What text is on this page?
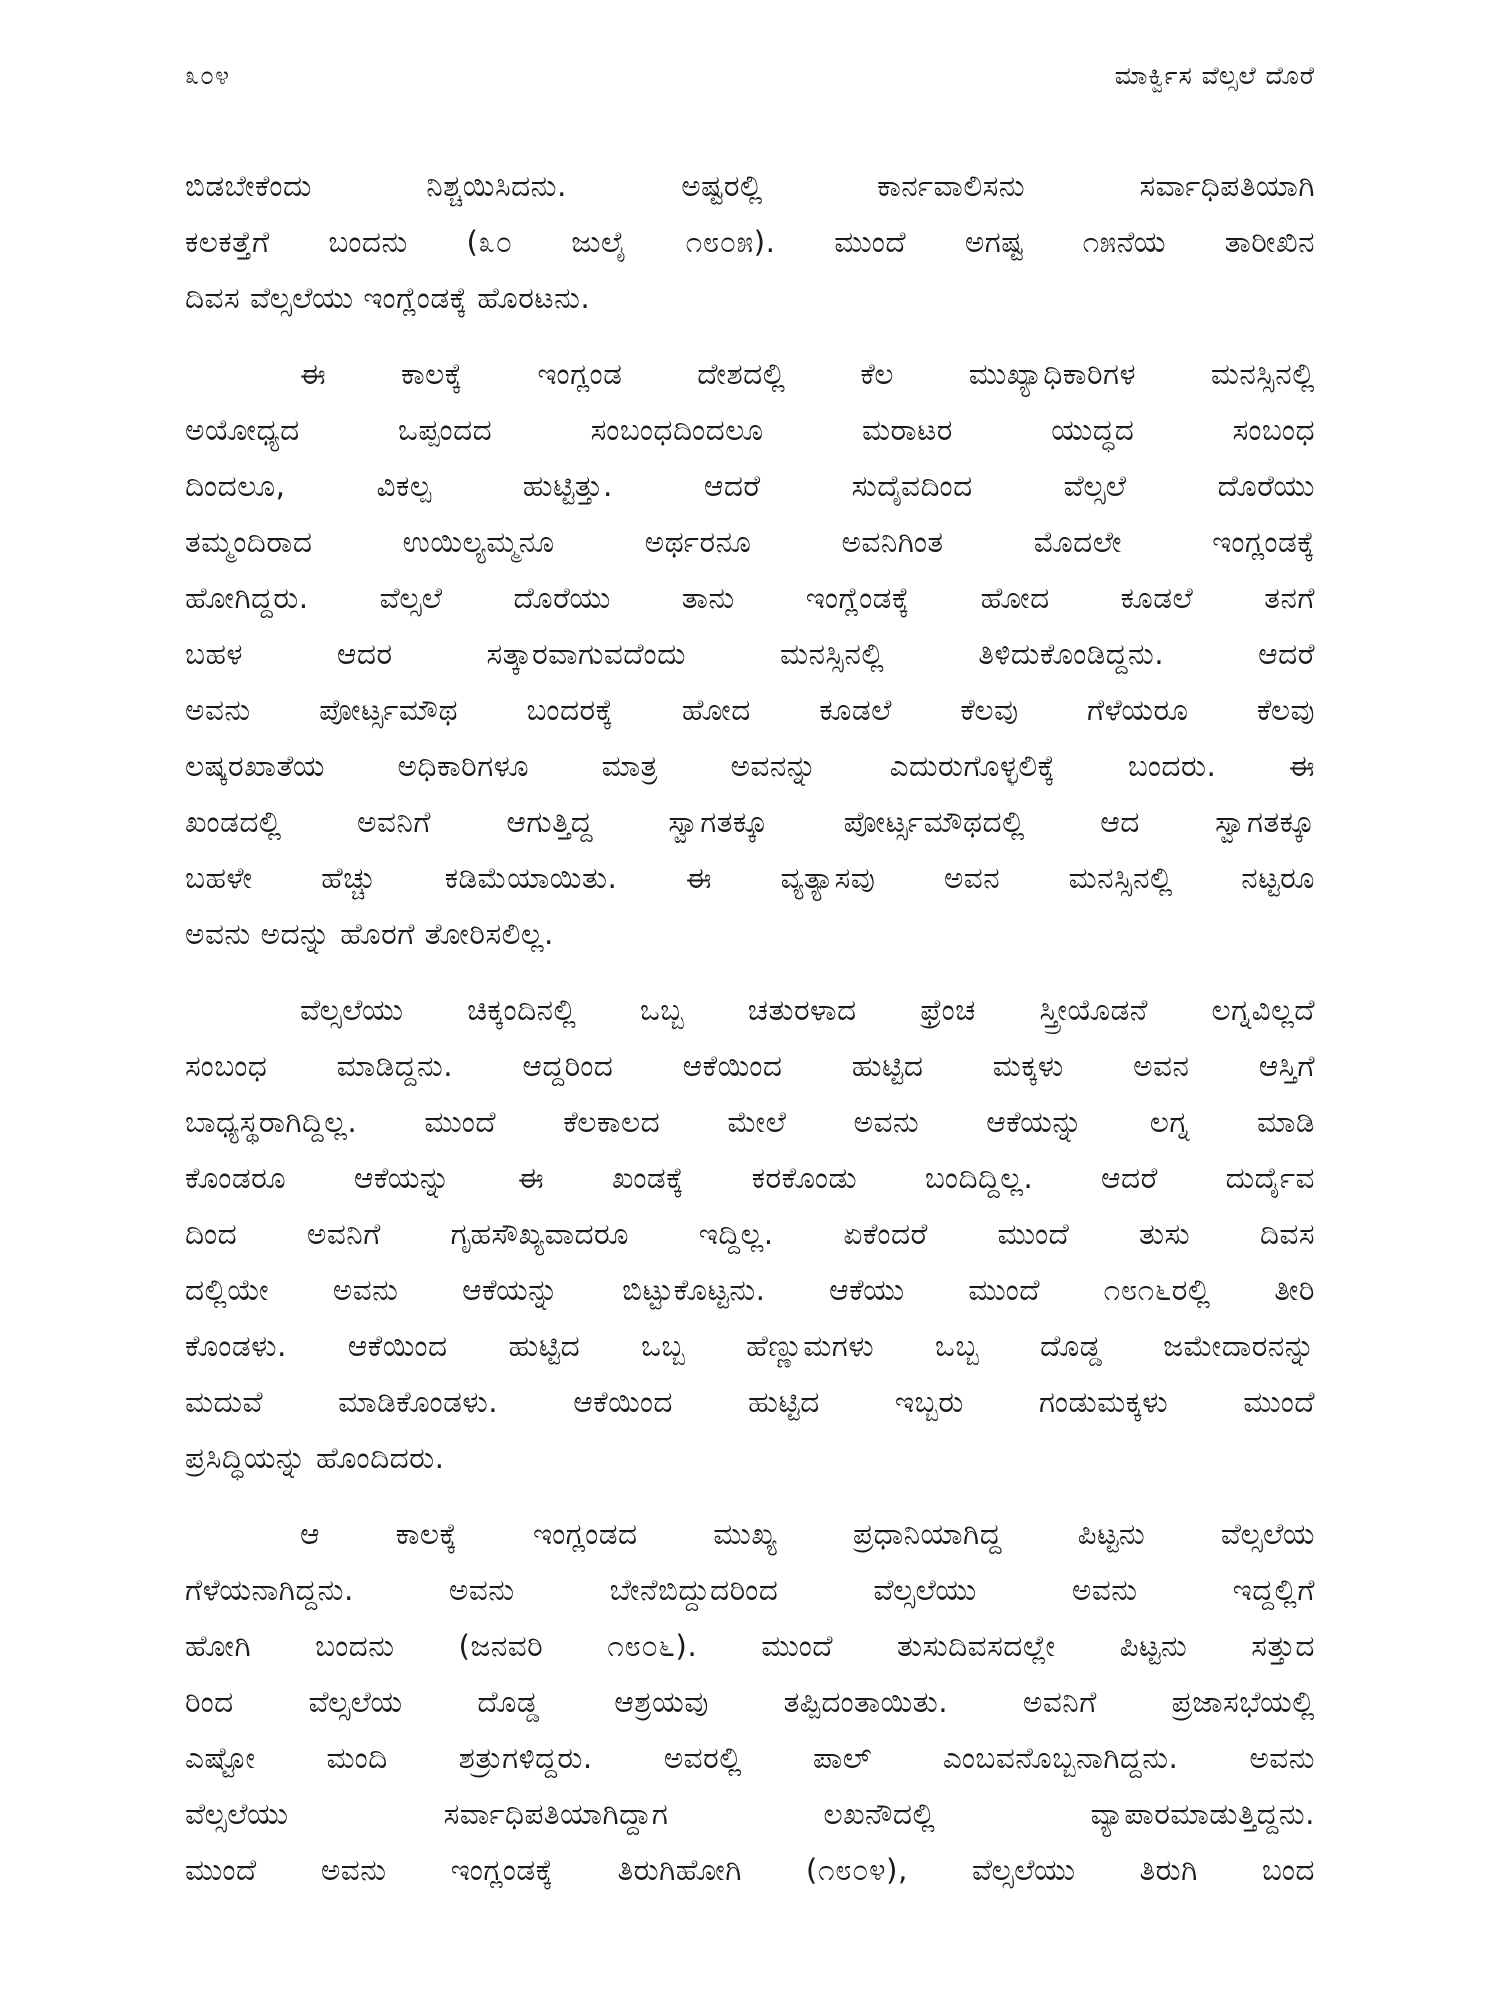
೩೦೪	ಮಾರ್ಕ್ವಿಸ ವೆಲ್ಸಲೆ ದೊರೆ

ಬಿಡಬೇಕೆಂದು ನಿಶ್ಚಯಿಸಿದನು. ಅಷ್ಟರಲ್ಲಿ ಕಾರ್ನವಾಲಿಸನು ಸರ್ವಾಧಿಪತಿಯಾಗಿ
ಕಲಕತ್ತೆಗೆ ಬಂದನು (೩೦ ಜುಲೈ ೧೮೦೫). ಮುಂದೆ ಅಗಷ್ಟ ೧೫ನೆಯ ತಾರೀಖಿನ
ದಿವಸ ವೆಲ್ಸಲೆಯು ಇಂಗ್ಲೆಂಡಕ್ಕೆ ಹೊರಟನು.

ಈ ಕಾಲಕ್ಕೆ ಇಂಗ್ಲಂಡ ದೇಶದಲ್ಲಿ ಕೆಲ ಮುಖ್ಯಾಧಿಕಾರಿಗಳ ಮನಸ್ಸಿನಲ್ಲಿ
ಅಯೋಧ್ಯದ ಒಪ್ಪಂದದ ಸಂಬಂಧದಿಂದಲೂ ಮರಾಟರ ಯುದ್ಧದ ಸಂಬಂಧ
ದಿಂದಲೂ, ವಿಕಲ್ಪ ಹುಟ್ಟಿತ್ತು. ಆದರೆ ಸುದೈವದಿಂದ ವೆಲ್ಸಲೆ ದೊರೆಯು
ತಮ್ಮಂದಿರಾದ ಉಯಿಲ್ಯಮ್ಮನೂ ಅರ್ಥರನೂ ಅವನಿಗಿಂತ ಮೊದಲೇ ಇಂಗ್ಲಂಡಕ್ಕೆ
ಹೋಗಿದ್ದರು. ವೆಲ್ಸಲೆ ದೊರೆಯು ತಾನು ಇಂಗ್ಲೆಂಡಕ್ಕೆ ಹೋದ ಕೂಡಲೆ ತನಗೆ
ಬಹಳ ಆದರ ಸತ್ಕಾರವಾಗುವದೆಂದು ಮನಸ್ಸಿನಲ್ಲಿ ತಿಳಿದುಕೊಂಡಿದ್ದನು. ಆದರೆ
ಅವನು ಪೋರ್ಟ್ಸಮೌಥ ಬಂದರಕ್ಕೆ ಹೋದ ಕೂಡಲೆ ಕೆಲವು ಗೆಳೆಯರೂ ಕೆಲವು
ಲಷ್ಕರಖಾತೆಯ ಅಧಿಕಾರಿಗಳೂ ಮಾತ್ರ ಅವನನ್ನು ಎದುರುಗೊಳ್ಳಲಿಕ್ಕೆ ಬಂದರು. ಈ
ಖಂಡದಲ್ಲಿ ಅವನಿಗೆ ಆಗುತ್ತಿದ್ದ ಸ್ವಾಗತಕ್ಕೂ ಪೋರ್ಟ್ಸಮೌಥದಲ್ಲಿ ಆದ ಸ್ವಾಗತಕ್ಕೂ
ಬಹಳೇ ಹೆಚ್ಚು ಕಡಿಮೆಯಾಯಿತು. ಈ ವ್ಯತ್ಯಾಸವು ಅವನ ಮನಸ್ಸಿನಲ್ಲಿ ನಟ್ಟರೂ
ಅವನು ಅದನ್ನು ಹೊರಗೆ ತೋರಿಸಲಿಲ್ಲ.

ವೆಲ್ಸಲೆಯು ಚಿಕ್ಕಂದಿನಲ್ಲಿ ಒಬ್ಬ ಚತುರಳಾದ ಫ್ರೆಂಚ ಸ್ತ್ರೀಯೊಡನೆ ಲಗ್ನವಿಲ್ಲದೆ
ಸಂಬಂಧ ಮಾಡಿದ್ದನು. ಆದ್ದರಿಂದ ಆಕೆಯಿಂದ ಹುಟ್ಟಿದ ಮಕ್ಕಳು ಅವನ ಆಸ್ತಿಗೆ
ಬಾಧ್ಯಸ್ಥರಾಗಿದ್ದಿಲ್ಲ. ಮುಂದೆ ಕೆಲಕಾಲದ ಮೇಲೆ ಅವನು ಆಕೆಯನ್ನು ಲಗ್ನ ಮಾಡಿ
ಕೊಂಡರೂ ಆಕೆಯನ್ನು ಈ ಖಂಡಕ್ಕೆ ಕರಕೊಂಡು ಬಂದಿದ್ದಿಲ್ಲ. ಆದರೆ ದುರ್ದೈವ
ದಿಂದ ಅವನಿಗೆ ಗೃಹಸೌಖ್ಯವಾದರೂ ಇದ್ದಿಲ್ಲ. ಏಕೆಂದರೆ ಮುಂದೆ ತುಸು ದಿವಸ
ದಲ್ಲಿಯೇ ಅವನು ಆಕೆಯನ್ನು ಬಿಟ್ಟುಕೊಟ್ಟನು. ಆಕೆಯು ಮುಂದೆ ೧೮೧೬ರಲ್ಲಿ ತೀರಿ
ಕೊಂಡಳು. ಆಕೆಯಿಂದ ಹುಟ್ಟಿದ ಒಬ್ಬ ಹೆಣ್ಣುಮಗಳು ಒಬ್ಬ ದೊಡ್ಡ ಜಮೇದಾರನನ್ನು
ಮದುವೆ ಮಾಡಿಕೊಂಡಳು. ಆಕೆಯಿಂದ ಹುಟ್ಟಿದ ಇಬ್ಬರು ಗಂಡುಮಕ್ಕಳು ಮುಂದೆ
ಪ್ರಸಿದ್ಧಿಯನ್ನು ಹೊಂದಿದರು.

ಆ ಕಾಲಕ್ಕೆ ಇಂಗ್ಲಂಡದ ಮುಖ್ಯ ಪ್ರಧಾನಿಯಾಗಿದ್ದ ಪಿಟ್ಟನು ವೆಲ್ಸಲೆಯ
ಗೆಳೆಯನಾಗಿದ್ದನು. ಅವನು ಬೇನೆಬಿದ್ದುದರಿಂದ ವೆಲ್ಸಲೆಯು ಅವನು ಇದ್ದಲ್ಲಿಗೆ
ಹೋಗಿ ಬಂದನು (ಜನವರಿ ೧೮೦೬). ಮುಂದೆ ತುಸುದಿವಸದಲ್ಲೇ ಪಿಟ್ಟನು ಸತ್ತುದ
ರಿಂದ ವೆಲ್ಸಲೆಯ ದೊಡ್ಡ ಆಶ್ರಯವು ತಪ್ಪಿದಂತಾಯಿತು. ಅವನಿಗೆ ಪ್ರಜಾಸಭೆಯಲ್ಲಿ
ಎಷ್ಟೋ ಮಂದಿ ಶತ್ರುಗಳಿದ್ದರು. ಅವರಲ್ಲಿ ಪಾಲ್ ಎಂಬವನೊಬ್ಬನಾಗಿದ್ದನು. ಅವನು
ವೆಲ್ಸಲೆಯು ಸರ್ವಾಧಿಪತಿಯಾಗಿದ್ದಾಗ ಲಖನೌದಲ್ಲಿ ವ್ಯಾಪಾರಮಾಡುತ್ತಿದ್ದನು.
ಮುಂದೆ ಅವನು ಇಂಗ್ಲಂಡಕ್ಕೆ ತಿರುಗಿಹೋಗಿ (೧೮೦೪), ವೆಲ್ಸಲೆಯು ತಿರುಗಿ ಬಂದ
